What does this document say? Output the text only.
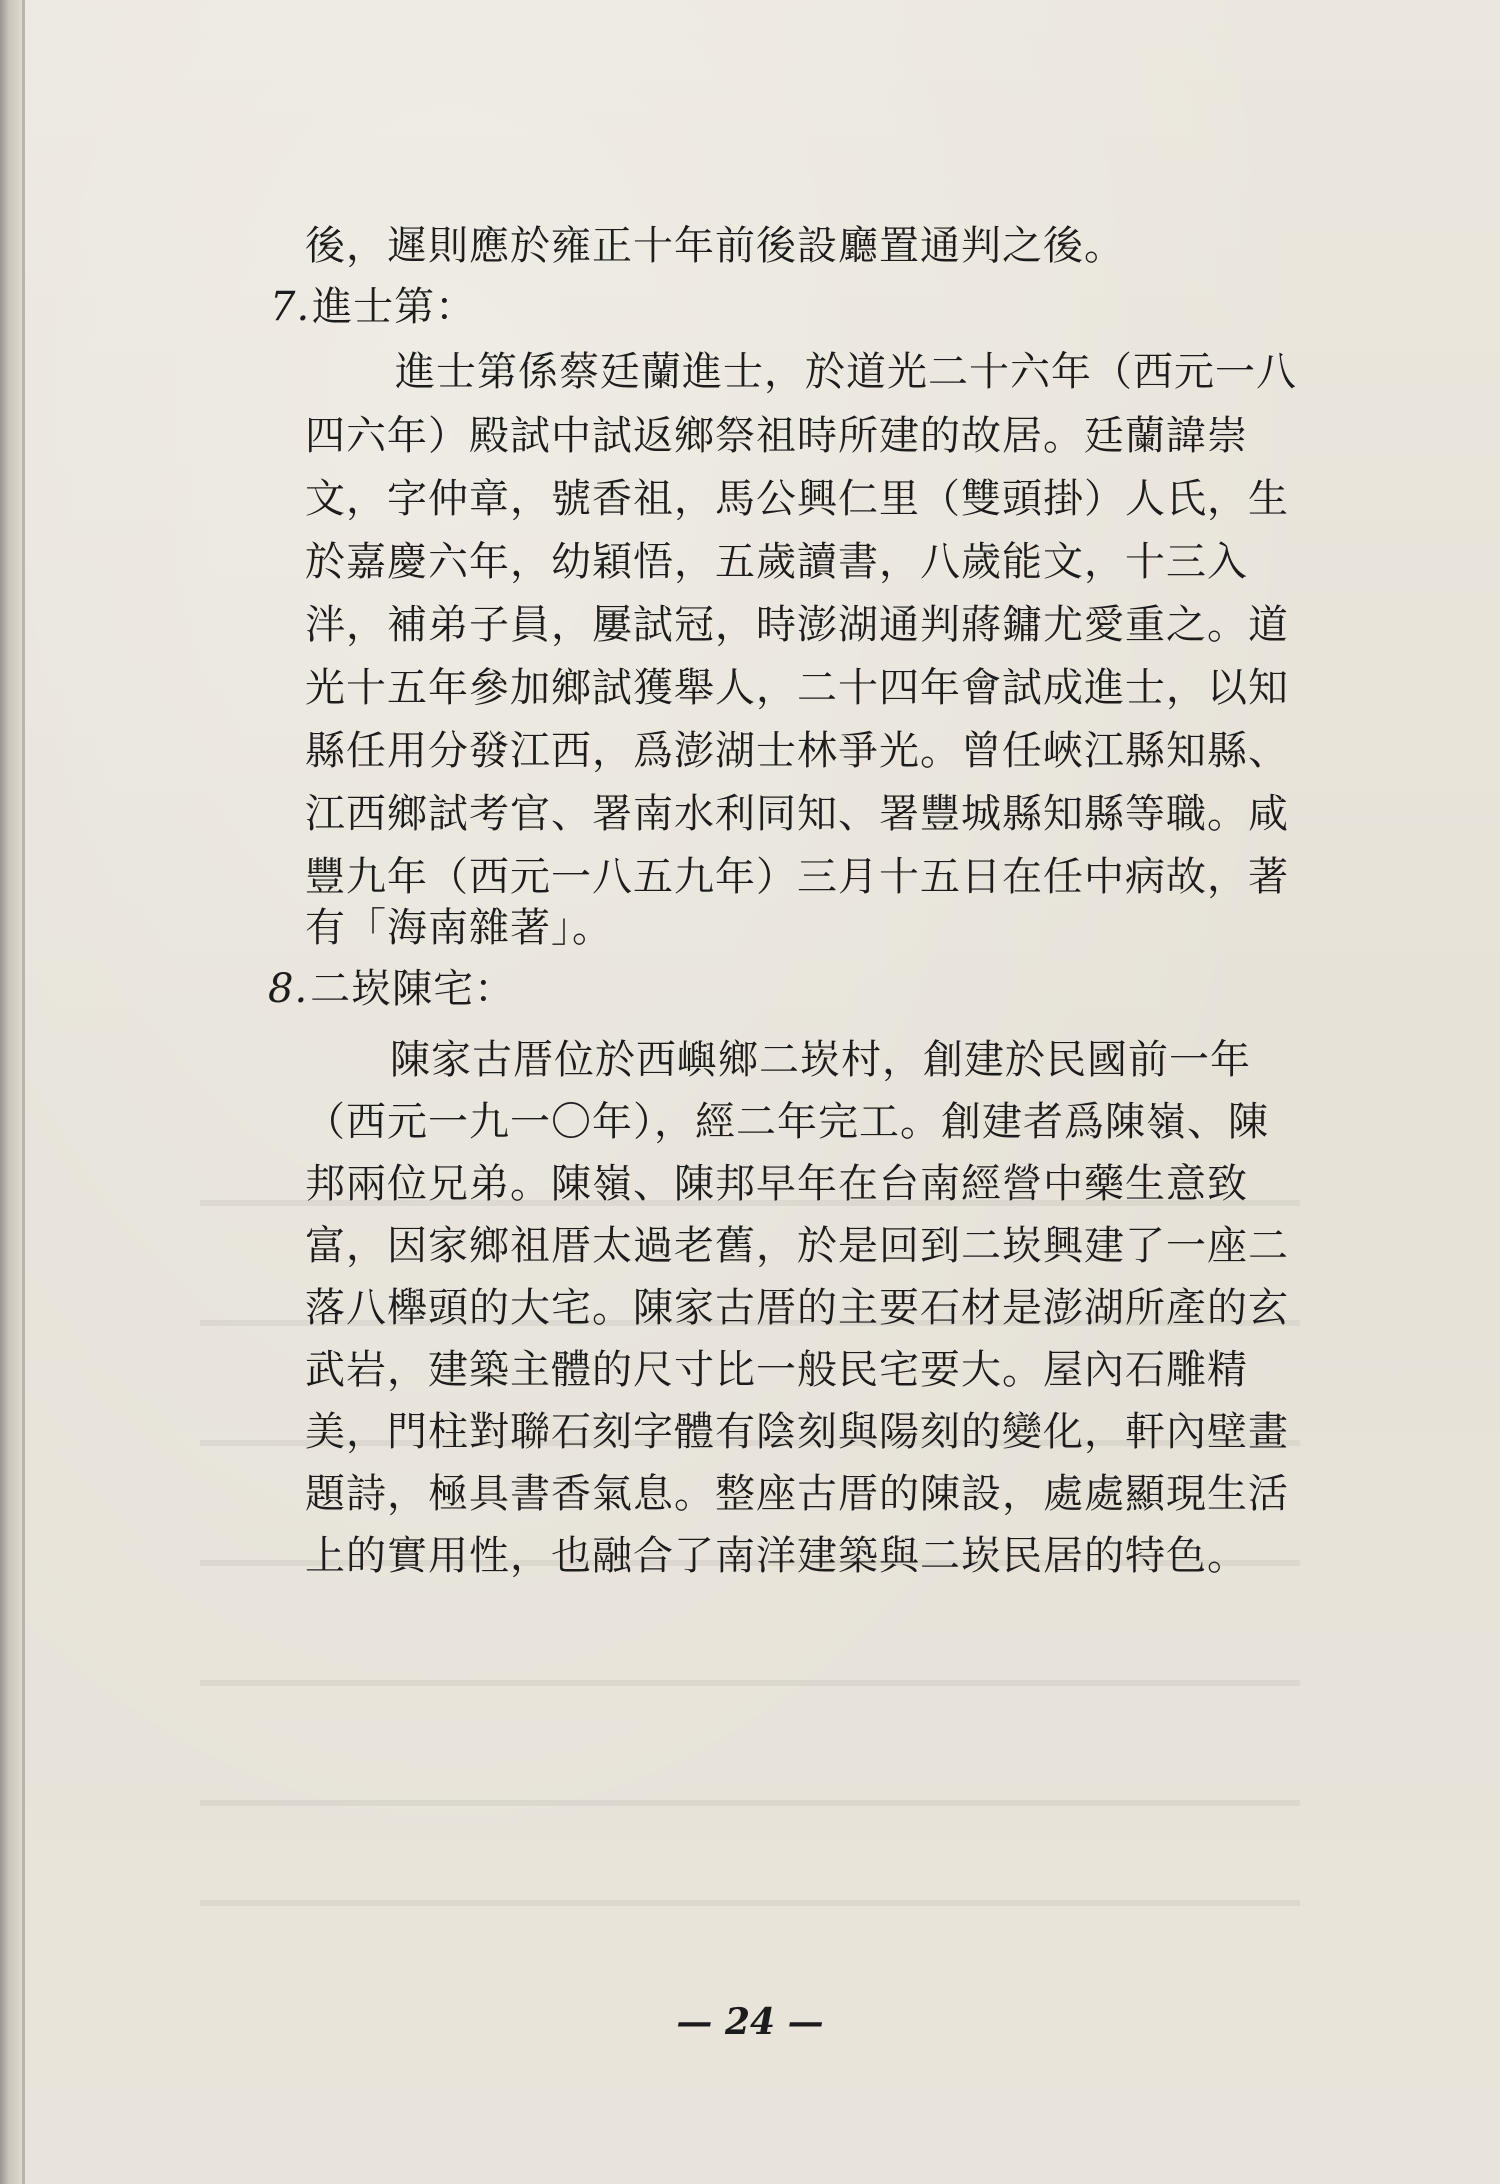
後，遲則應於雍正十年前後設廳置通判之後。
7.進士第：
進士第係蔡廷蘭進士，於道光二十六年（西元一八
四六年）殿試中試返鄉祭祖時所建的故居。廷蘭諱崇
文，字仲章，號香祖，馬公興仁里（雙頭掛）人氏，生
於嘉慶六年，幼穎悟，五歲讀書，八歲能文，十三入
泮，補弟子員，屢試冠，時澎湖通判蔣鏞尤愛重之。道
光十五年參加鄉試獲舉人，二十四年會試成進士，以知
縣任用分發江西，爲澎湖士林爭光。曾任峽江縣知縣、
江西鄉試考官、署南水利同知、署豐城縣知縣等職。咸
豐九年（西元一八五九年）三月十五日在任中病故，著
有「海南雜著」。
8.二崁陳宅：
陳家古厝位於西嶼鄉二崁村，創建於民國前一年
（西元一九一〇年），經二年完工。創建者爲陳嶺、陳
邦兩位兄弟。陳嶺、陳邦早年在台南經營中藥生意致
富，因家鄉祖厝太過老舊，於是回到二崁興建了一座二
落八櫸頭的大宅。陳家古厝的主要石材是澎湖所產的玄
武岩，建築主體的尺寸比一般民宅要大。屋內石雕精
美，門柱對聯石刻字體有陰刻與陽刻的變化，軒內壁畫
題詩，極具書香氣息。整座古厝的陳設，處處顯現生活
上的實用性，也融合了南洋建築與二崁民居的特色。
— 24 —
